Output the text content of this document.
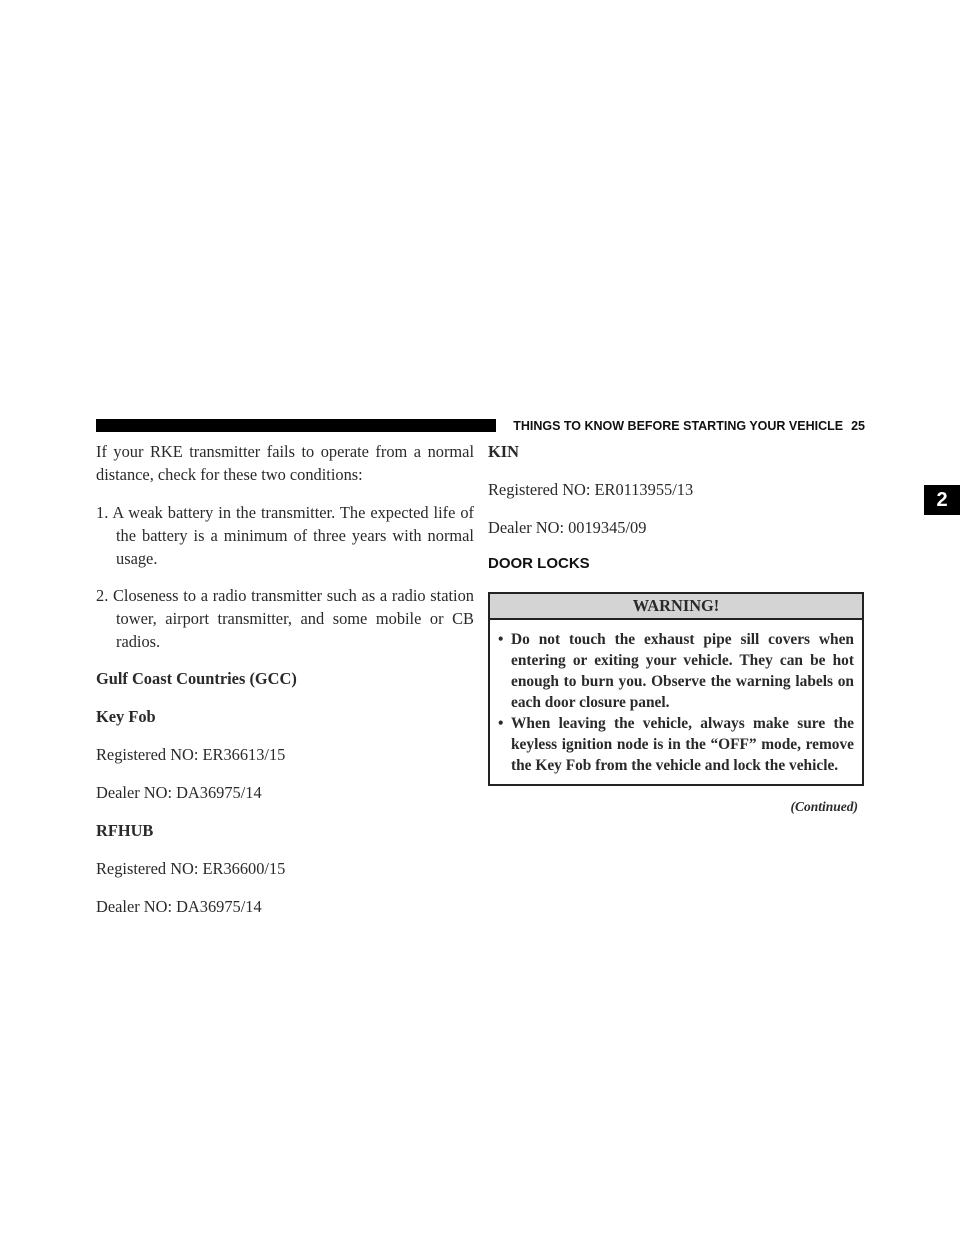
THINGS TO KNOW BEFORE STARTING YOUR VEHICLE 25
2

If your RKE transmitter fails to operate from a normal distance, check for these two conditions:

1. A weak battery in the transmitter. The expected life of the battery is a minimum of three years with normal usage.
2. Closeness to a radio transmitter such as a radio station tower, airport transmitter, and some mobile or CB radios.

Gulf Coast Countries (GCC)

Key Fob

Registered NO: ER36613/15

Dealer NO: DA36975/14

RFHUB

Registered NO: ER36600/15

Dealer NO: DA36975/14

KIN

Registered NO: ER0113955/13

Dealer NO: 0019345/09

DOOR LOCKS
WARNING!
• Do not touch the exhaust pipe sill covers when entering or exiting your vehicle. They can be hot enough to burn you. Observe the warning labels on each door closure panel.
• When leaving the vehicle, always make sure the keyless ignition node is in the “OFF” mode, remove the Key Fob from the vehicle and lock the vehicle.
(Continued)
